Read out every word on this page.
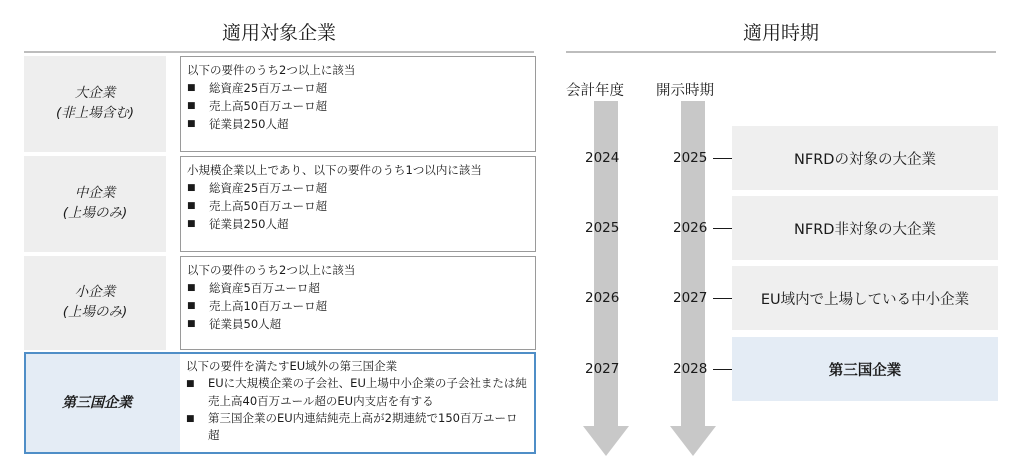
適用対象企業	適用時期
大企業
(非上場含む)
以下の要件のうち2つ以上に該当
■	総資産25百万ユーロ超
■	売上高50百万ユーロ超
■	従業員250人超
中企業
(上場のみ)
小規模企業以上であり、以下の要件のうち1つ以内に該当
■	総資産25百万ユーロ超
■	売上高50百万ユーロ超
■	従業員250人超
小企業
(上場のみ)
以下の要件のうち2つ以上に該当
■	総資産5百万ユーロ超
■	売上高10百万ユーロ超
■	従業員50人超
第三国企業
以下の要件を満たすEU域外の第三国企業
■	EUに大規模企業の子会社、EU上場中小企業の子会社または純売上高40百万ユール超のEU内支店を有する
■	第三国企業のEU内連結純売上高が2期連続で150百万ユーロ超
会計年度 開示時期
2024	2025	NFRDの対象の大企業
2025	2026	NFRD非対象の大企業
2026	2027	EU域内で上場している中小企業
2027	2028	第三国企業
